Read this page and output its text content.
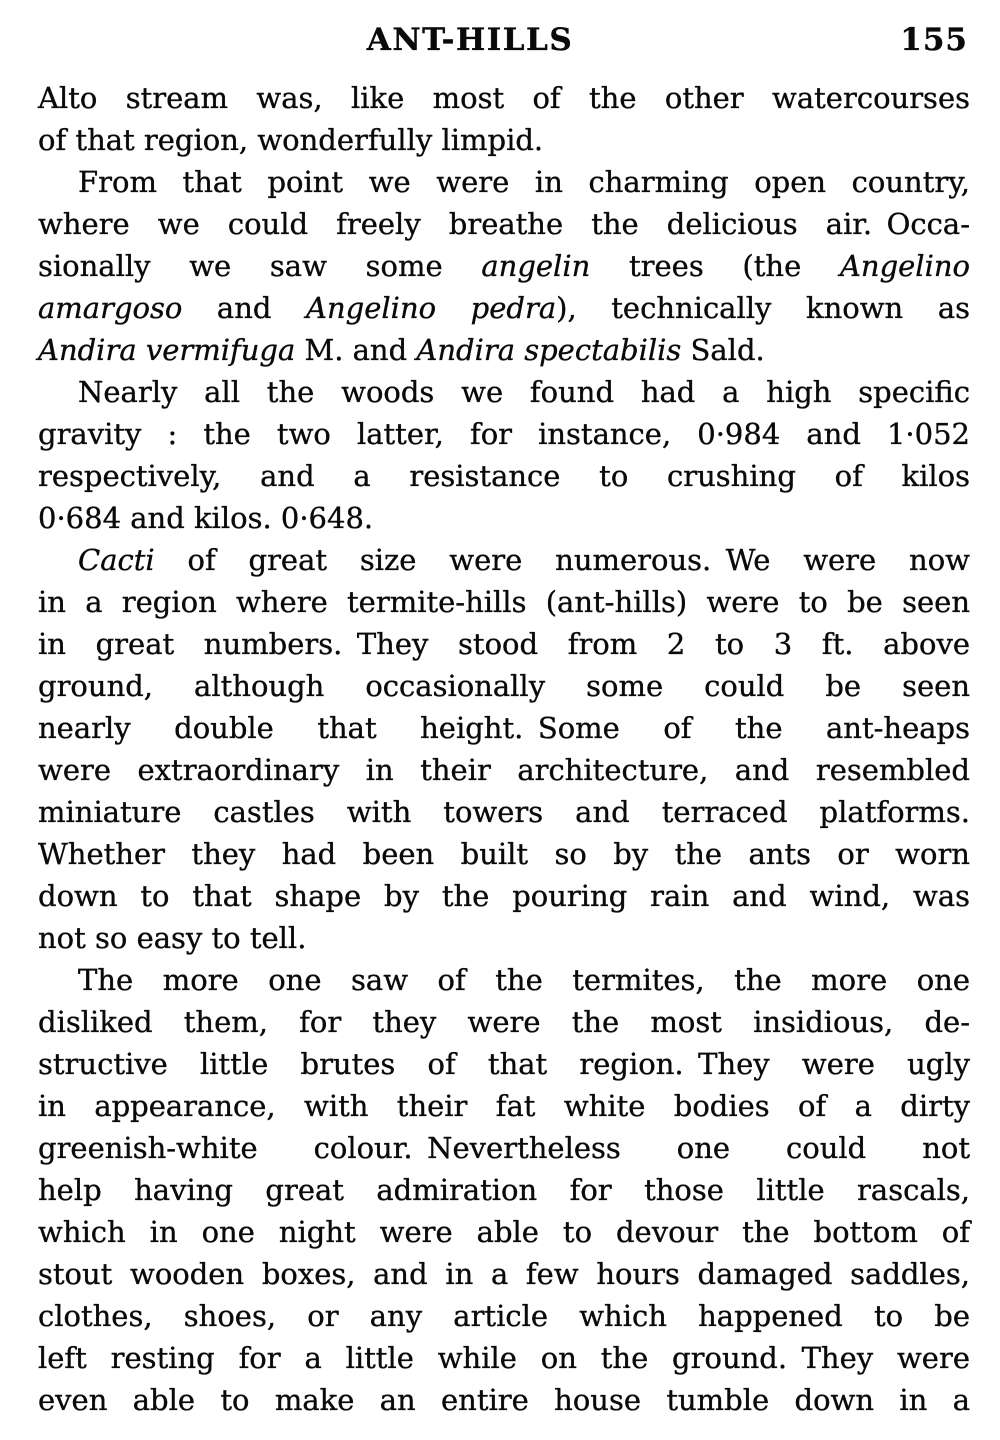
ANT-HILLS	155
Alto stream was, like most of the other watercourses
of that region, wonderfully limpid.
From that point we were in charming open country,
where we could freely breathe the delicious air. Occa-
sionally we saw some angelin trees (the Angelino
amargoso and Angelino pedra), technically known as
Andira vermifuga M. and Andira spectabilis Sald.
Nearly all the woods we found had a high specific
gravity : the two latter, for instance, 0·984 and 1·052
respectively, and a resistance to crushing of kilos
0·684 and kilos. 0·648.
Cacti of great size were numerous. We were now
in a region where termite-hills (ant-hills) were to be seen
in great numbers. They stood from 2 to 3 ft. above
ground, although occasionally some could be seen
nearly double that height. Some of the ant-heaps
were extraordinary in their architecture, and resembled
miniature castles with towers and terraced platforms.
Whether they had been built so by the ants or worn
down to that shape by the pouring rain and wind, was
not so easy to tell.
The more one saw of the termites, the more one
disliked them, for they were the most insidious, de-
structive little brutes of that region. They were ugly
in appearance, with their fat white bodies of a dirty
greenish-white colour. Nevertheless one could not
help having great admiration for those little rascals,
which in one night were able to devour the bottom of
stout wooden boxes, and in a few hours damaged saddles,
clothes, shoes, or any article which happened to be
left resting for a little while on the ground. They were
even able to make an entire house tumble down in a
